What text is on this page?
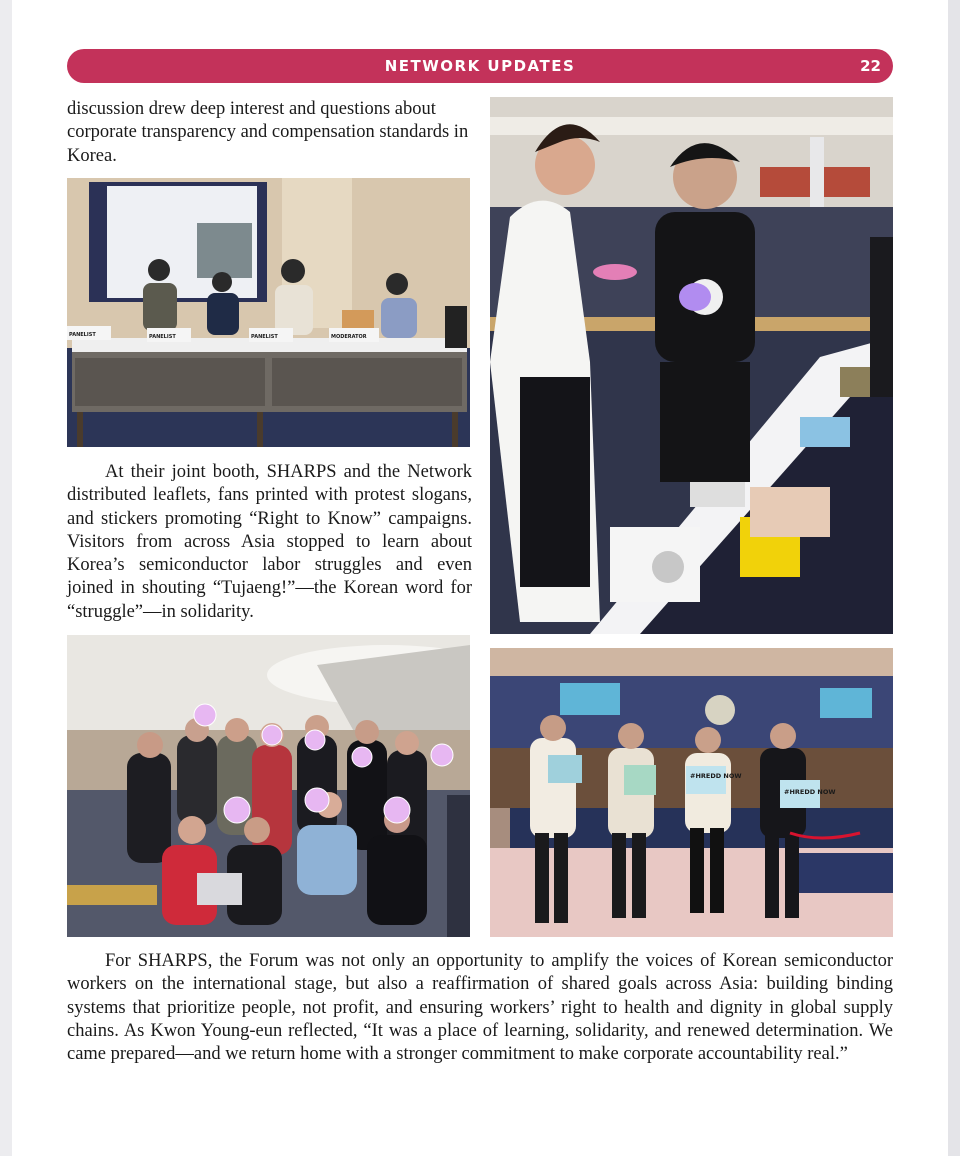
NETWORK UPDATES	22

discussion drew deep interest and questions about corporate transparency and compensation standards in Korea.

PANELIST	PANELIST	PANELIST	MODERATOR

At their joint booth, SHARPS and the Network distributed leaflets, fans printed with protest slogans, and stickers promoting “Right to Know” campaigns. Visitors from across Asia stopped to learn about Korea’s semiconductor labor struggles and even joined in shouting “Tujaeng!”—the Korean word for “struggle”—in solidarity.

#HREDD NOW
#HREDD NOW

For SHARPS, the Forum was not only an opportunity to amplify the voices of Korean semiconductor workers on the international stage, but also a reaffirmation of shared goals across Asia: building binding systems that prioritize people, not profit, and ensuring workers’ right to health and dignity in global supply chains. As Kwon Young-eun reflected, “It was a place of learning, solidarity, and renewed determination. We came prepared—and we return home with a stronger commitment to make corporate accountability real.”
